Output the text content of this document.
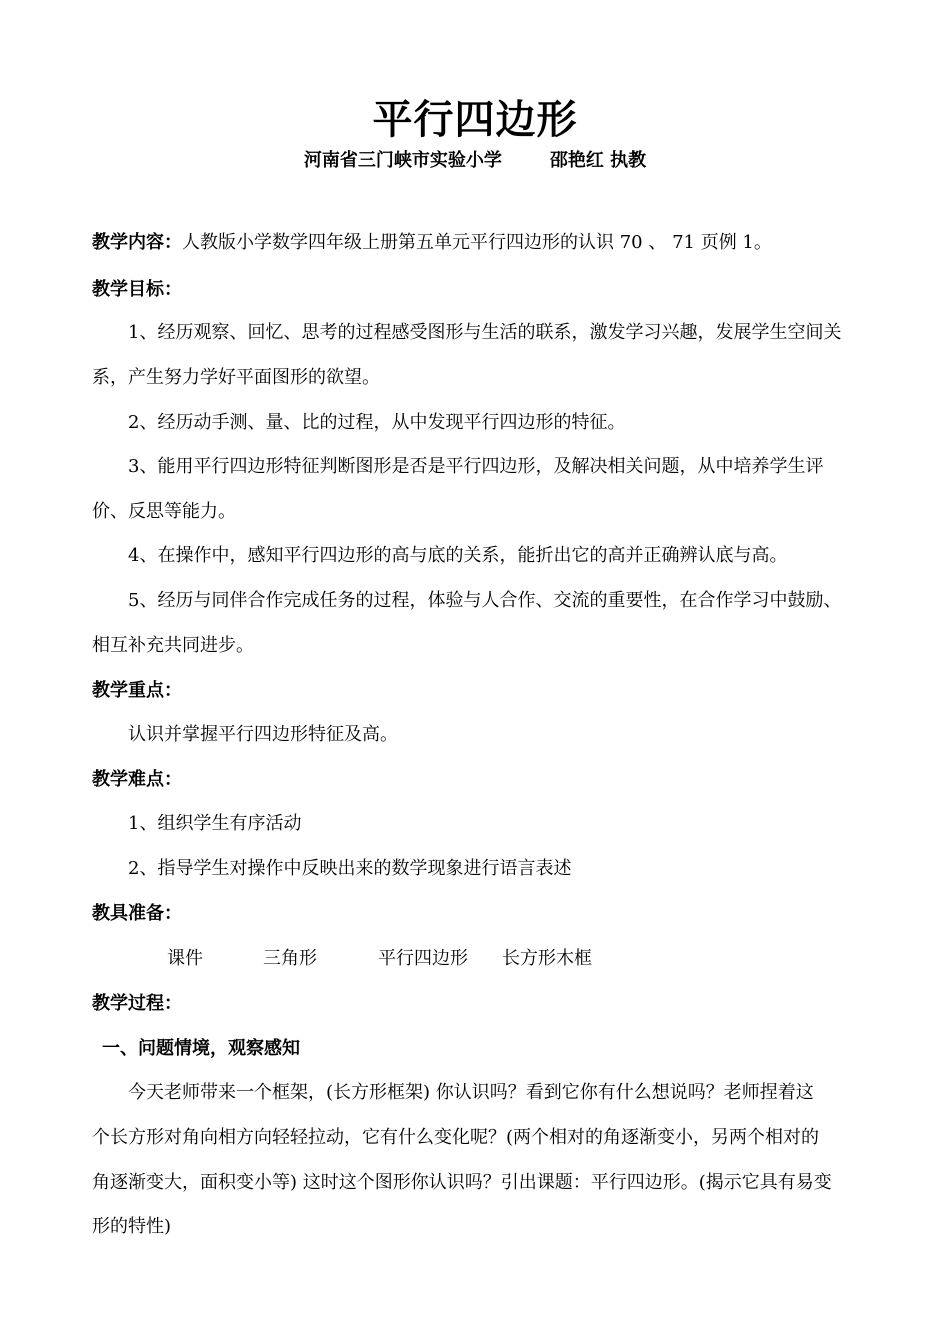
平行四边形
河南省三门峡市实验小学	邵艳红 执教
教学内容：人教版小学数学四年级上册第五单元平行四边形的认识 70 、 71 页例 1。
教学目标：
1、经历观察、回忆、思考的过程感受图形与生活的联系，激发学习兴趣，发展学生空间关
系，产生努力学好平面图形的欲望。
2、经历动手测、量、比的过程，从中发现平行四边形的特征。
3、能用平行四边形特征判断图形是否是平行四边形，及解决相关问题，从中培养学生评
价、反思等能力。
4、在操作中，感知平行四边形的高与底的关系，能折出它的高并正确辨认底与高。
5、经历与同伴合作完成任务的过程，体验与人合作、交流的重要性，在合作学习中鼓励、
相互补充共同进步。
教学重点：
认识并掌握平行四边形特征及高。
教学难点：
1、组织学生有序活动
2、指导学生对操作中反映出来的数学现象进行语言表述
教具准备：
课件	三角形	平行四边形 长方形木框
教学过程：
一、问题情境，观察感知
今天老师带来一个框架，(长方形框架) 你认识吗？看到它你有什么想说吗？老师捏着这
个长方形对角向相方向轻轻拉动，它有什么变化呢？(两个相对的角逐渐变小，另两个相对的
角逐渐变大，面积变小等) 这时这个图形你认识吗？引出课题：平行四边形。(揭示它具有易变
形的特性)
